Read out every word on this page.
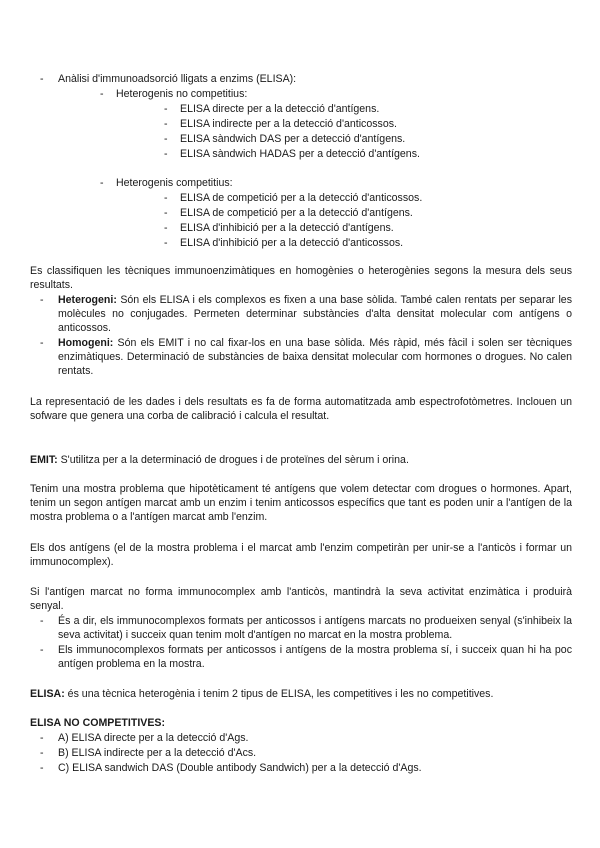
- Anàlisi d'immunoadsorció lligats a enzims (ELISA):
- Heterogenis no competitius:
- ELISA directe per a la detecció d'antígens.
- ELISA indirecte per a la detecció d'anticossos.
- ELISA sàndwich DAS per a detecció d'antígens.
- ELISA sàndwich HADAS per a detecció d'antígens.
- Heterogenis competitius:
- ELISA de competició per a la detecció d'anticossos.
- ELISA de competició per a la detecció d'antígens.
- ELISA d'inhibició per a la detecció d'antígens.
- ELISA d'inhibició per a la detecció d'anticossos.
Es classifiquen les tècniques immunoenzimàtiques en homogènies o heterogènies segons la mesura dels seus resultats.
- Heterogeni: Són els ELISA i els complexos es fixen a una base sòlida. També calen rentats per separar les molècules no conjugades. Permeten determinar substàncies d'alta densitat molecular com antígens o anticossos.
- Homogeni: Són els EMIT i no cal fixar-los en una base sòlida. Més ràpid, més fàcil i solen ser tècniques enzimàtiques. Determinació de substàncies de baixa densitat molecular com hormones o drogues. No calen rentats.
La representació de les dades i dels resultats es fa de forma automatitzada amb espectrofotòmetres. Inclouen un sofware que genera una corba de calibració i calcula el resultat.
EMIT: S'utilitza per a la determinació de drogues i de proteïnes del sèrum i orina.
Tenim una mostra problema que hipotèticament té antígens que volem detectar com drogues o hormones. Apart, tenim un segon antígen marcat amb un enzim i tenim anticossos específics que tant es poden unir a l'antígen de la mostra problema o a l'antígen marcat amb l'enzim.
Els dos antígens (el de la mostra problema i el marcat amb l'enzim competiràn per unir-se a l'anticòs i formar un immunocomplex).
Si l'antígen marcat no forma immunocomplex amb l'anticòs, mantindrà la seva activitat enzimàtica i produirà senyal.
- És a dir, els immunocomplexos formats per anticossos i antígens marcats no produeixen senyal (s'inhibeix la seva activitat) i succeix quan tenim molt d'antígen no marcat en la mostra problema.
- Els immunocomplexos formats per anticossos i antígens de la mostra problema sí, i succeix quan hi ha poc antígen problema en la mostra.
ELISA: és una tècnica heterogènia i tenim 2 tipus de ELISA, les competitives i les no competitives.
ELISA NO COMPETITIVES:
- A) ELISA directe per a la detecció d'Ags.
- B) ELISA indirecte per a la detecció d'Acs.
- C) ELISA sandwich DAS (Double antibody Sandwich) per a la detecció d'Ags.
